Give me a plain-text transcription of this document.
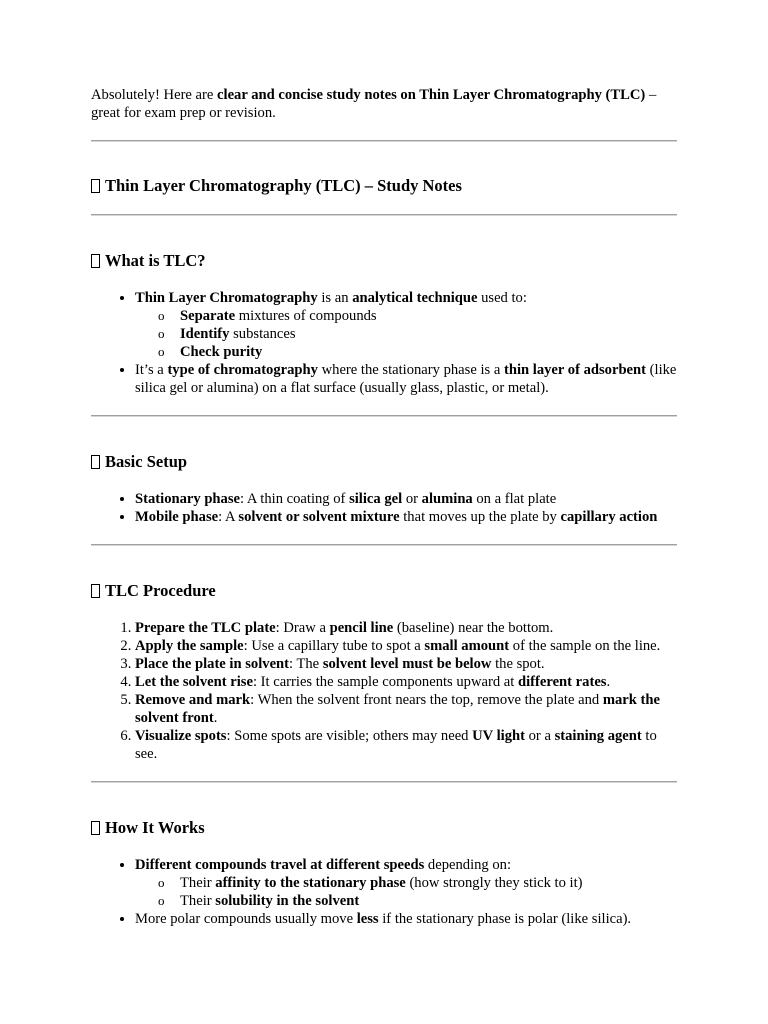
Absolutely! Here are clear and concise study notes on Thin Layer Chromatography (TLC) – great for exam prep or revision.

Thin Layer Chromatography (TLC) – Study Notes
What is TLC?
• Thin Layer Chromatography is an analytical technique used to:
o Separate mixtures of compounds
o Identify substances
o Check purity
• It’s a type of chromatography where the stationary phase is a thin layer of adsorbent (like silica gel or alumina) on a flat surface (usually glass, plastic, or metal).
Basic Setup
• Stationary phase: A thin coating of silica gel or alumina on a flat plate
• Mobile phase: A solvent or solvent mixture that moves up the plate by capillary action
TLC Procedure
1. Prepare the TLC plate: Draw a pencil line (baseline) near the bottom.
2. Apply the sample: Use a capillary tube to spot a small amount of the sample on the line.
3. Place the plate in solvent: The solvent level must be below the spot.
4. Let the solvent rise: It carries the sample components upward at different rates.
5. Remove and mark: When the solvent front nears the top, remove the plate and mark the solvent front.
6. Visualize spots: Some spots are visible; others may need UV light or a staining agent to see.
How It Works
• Different compounds travel at different speeds depending on:
o Their affinity to the stationary phase (how strongly they stick to it)
o Their solubility in the solvent
• More polar compounds usually move less if the stationary phase is polar (like silica).
